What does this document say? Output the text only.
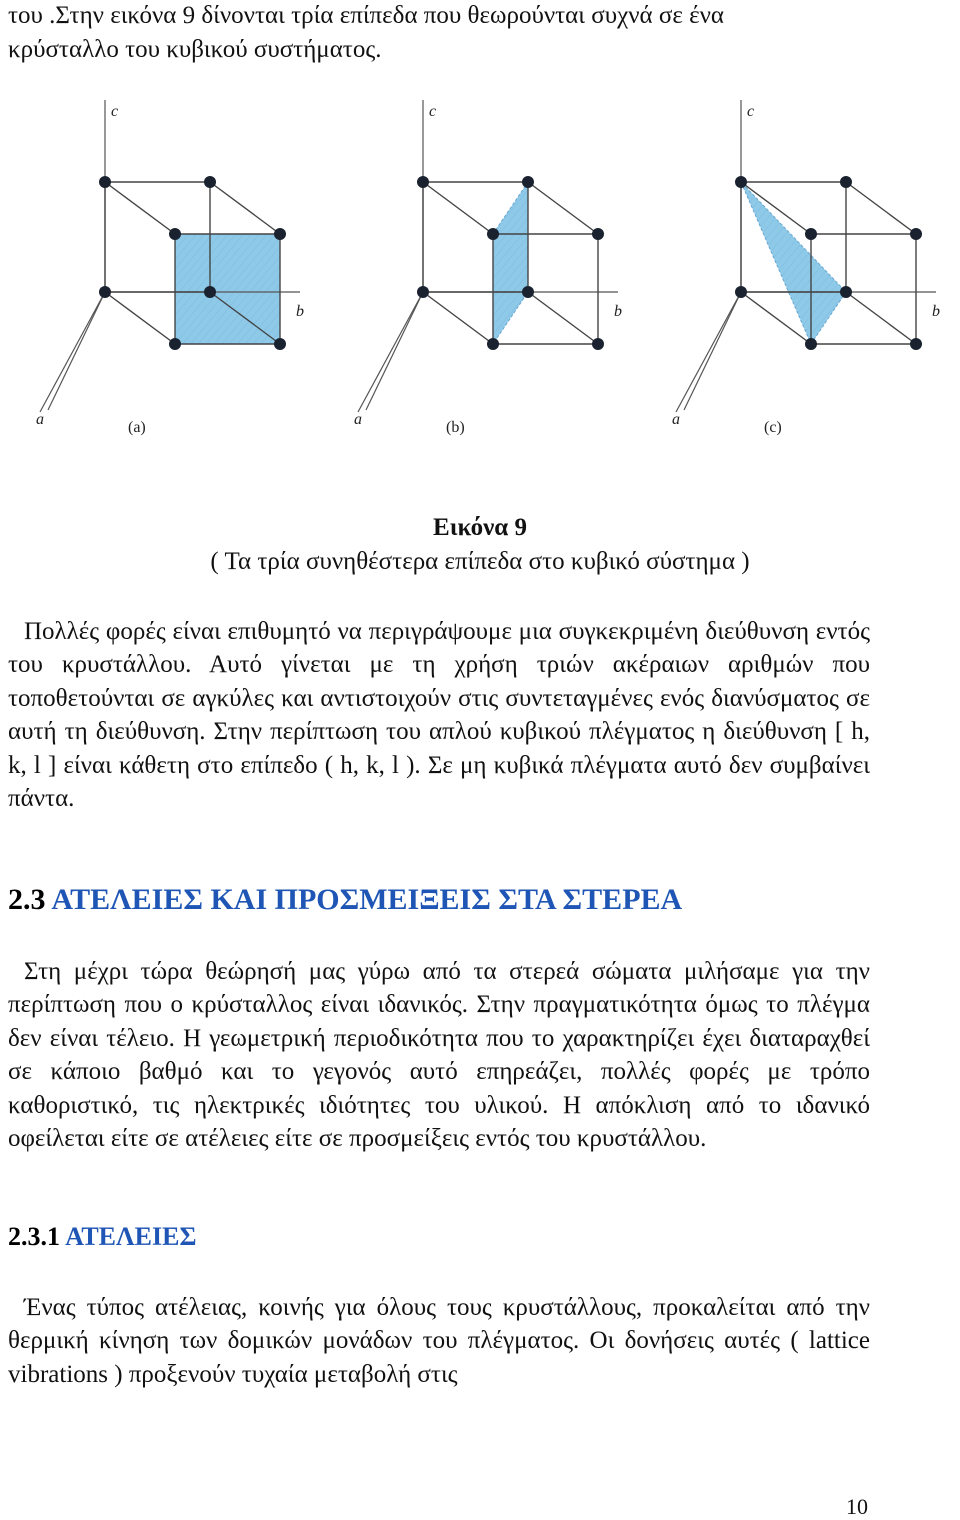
του .Στην εικόνα 9 δίνονται τρία επίπεδα που θεωρούνται συχνά σε ένα

κρύσταλλο του κυβικού συστήματος.

c
b
a	(a)
c
b
a	(b)
c
b
a	(c)
Εικόνα 9
( Τα τρία συνηθέστερα επίπεδα στο κυβικό σύστημα )

Πολλές φορές είναι επιθυμητό να περιγράψουμε μια συγκεκριμένη διεύθυνση εντός του κρυστάλλου. Αυτό γίνεται με τη χρήση τριών ακέραιων αριθμών που τοποθετούνται σε αγκύλες και αντιστοιχούν στις συντεταγμένες ενός διανύσματος σε αυτή τη διεύθυνση. Στην περίπτωση του απλού κυβικού πλέγματος η διεύθυνση [ h, k, l ] είναι κάθετη στο επίπεδο ( h, k, l ). Σε μη κυβικά πλέγματα αυτό δεν συμβαίνει πάντα.

2.3 ΑΤΕΛΕΙΕΣ ΚΑΙ ΠΡΟΣΜΕΙΞΕΙΣ ΣΤΑ ΣΤΕΡΕΑ

Στη μέχρι τώρα θεώρησή μας γύρω από τα στερεά σώματα μιλήσαμε για την περίπτωση που ο κρύσταλλος είναι ιδανικός. Στην πραγματικότητα όμως το πλέγμα δεν είναι τέλειο. Η γεωμετρική περιοδικότητα που το χαρακτηρίζει έχει διαταραχθεί σε κάποιο βαθμό και το γεγονός αυτό επηρεάζει, πολλές φορές με τρόπο καθοριστικό, τις ηλεκτρικές ιδιότητες του υλικού. Η απόκλιση από το ιδανικό οφείλεται είτε σε ατέλειες είτε σε προσμείξεις εντός του κρυστάλλου.

2.3.1 ΑΤΕΛΕΙΕΣ

Ένας τύπος ατέλειας, κοινής για όλους τους κρυστάλλους, προκαλείται από την θερμική κίνηση των δομικών μονάδων του πλέγματος. Οι δονήσεις αυτές ( lattice vibrations ) προξενούν τυχαία μεταβολή στις

10
